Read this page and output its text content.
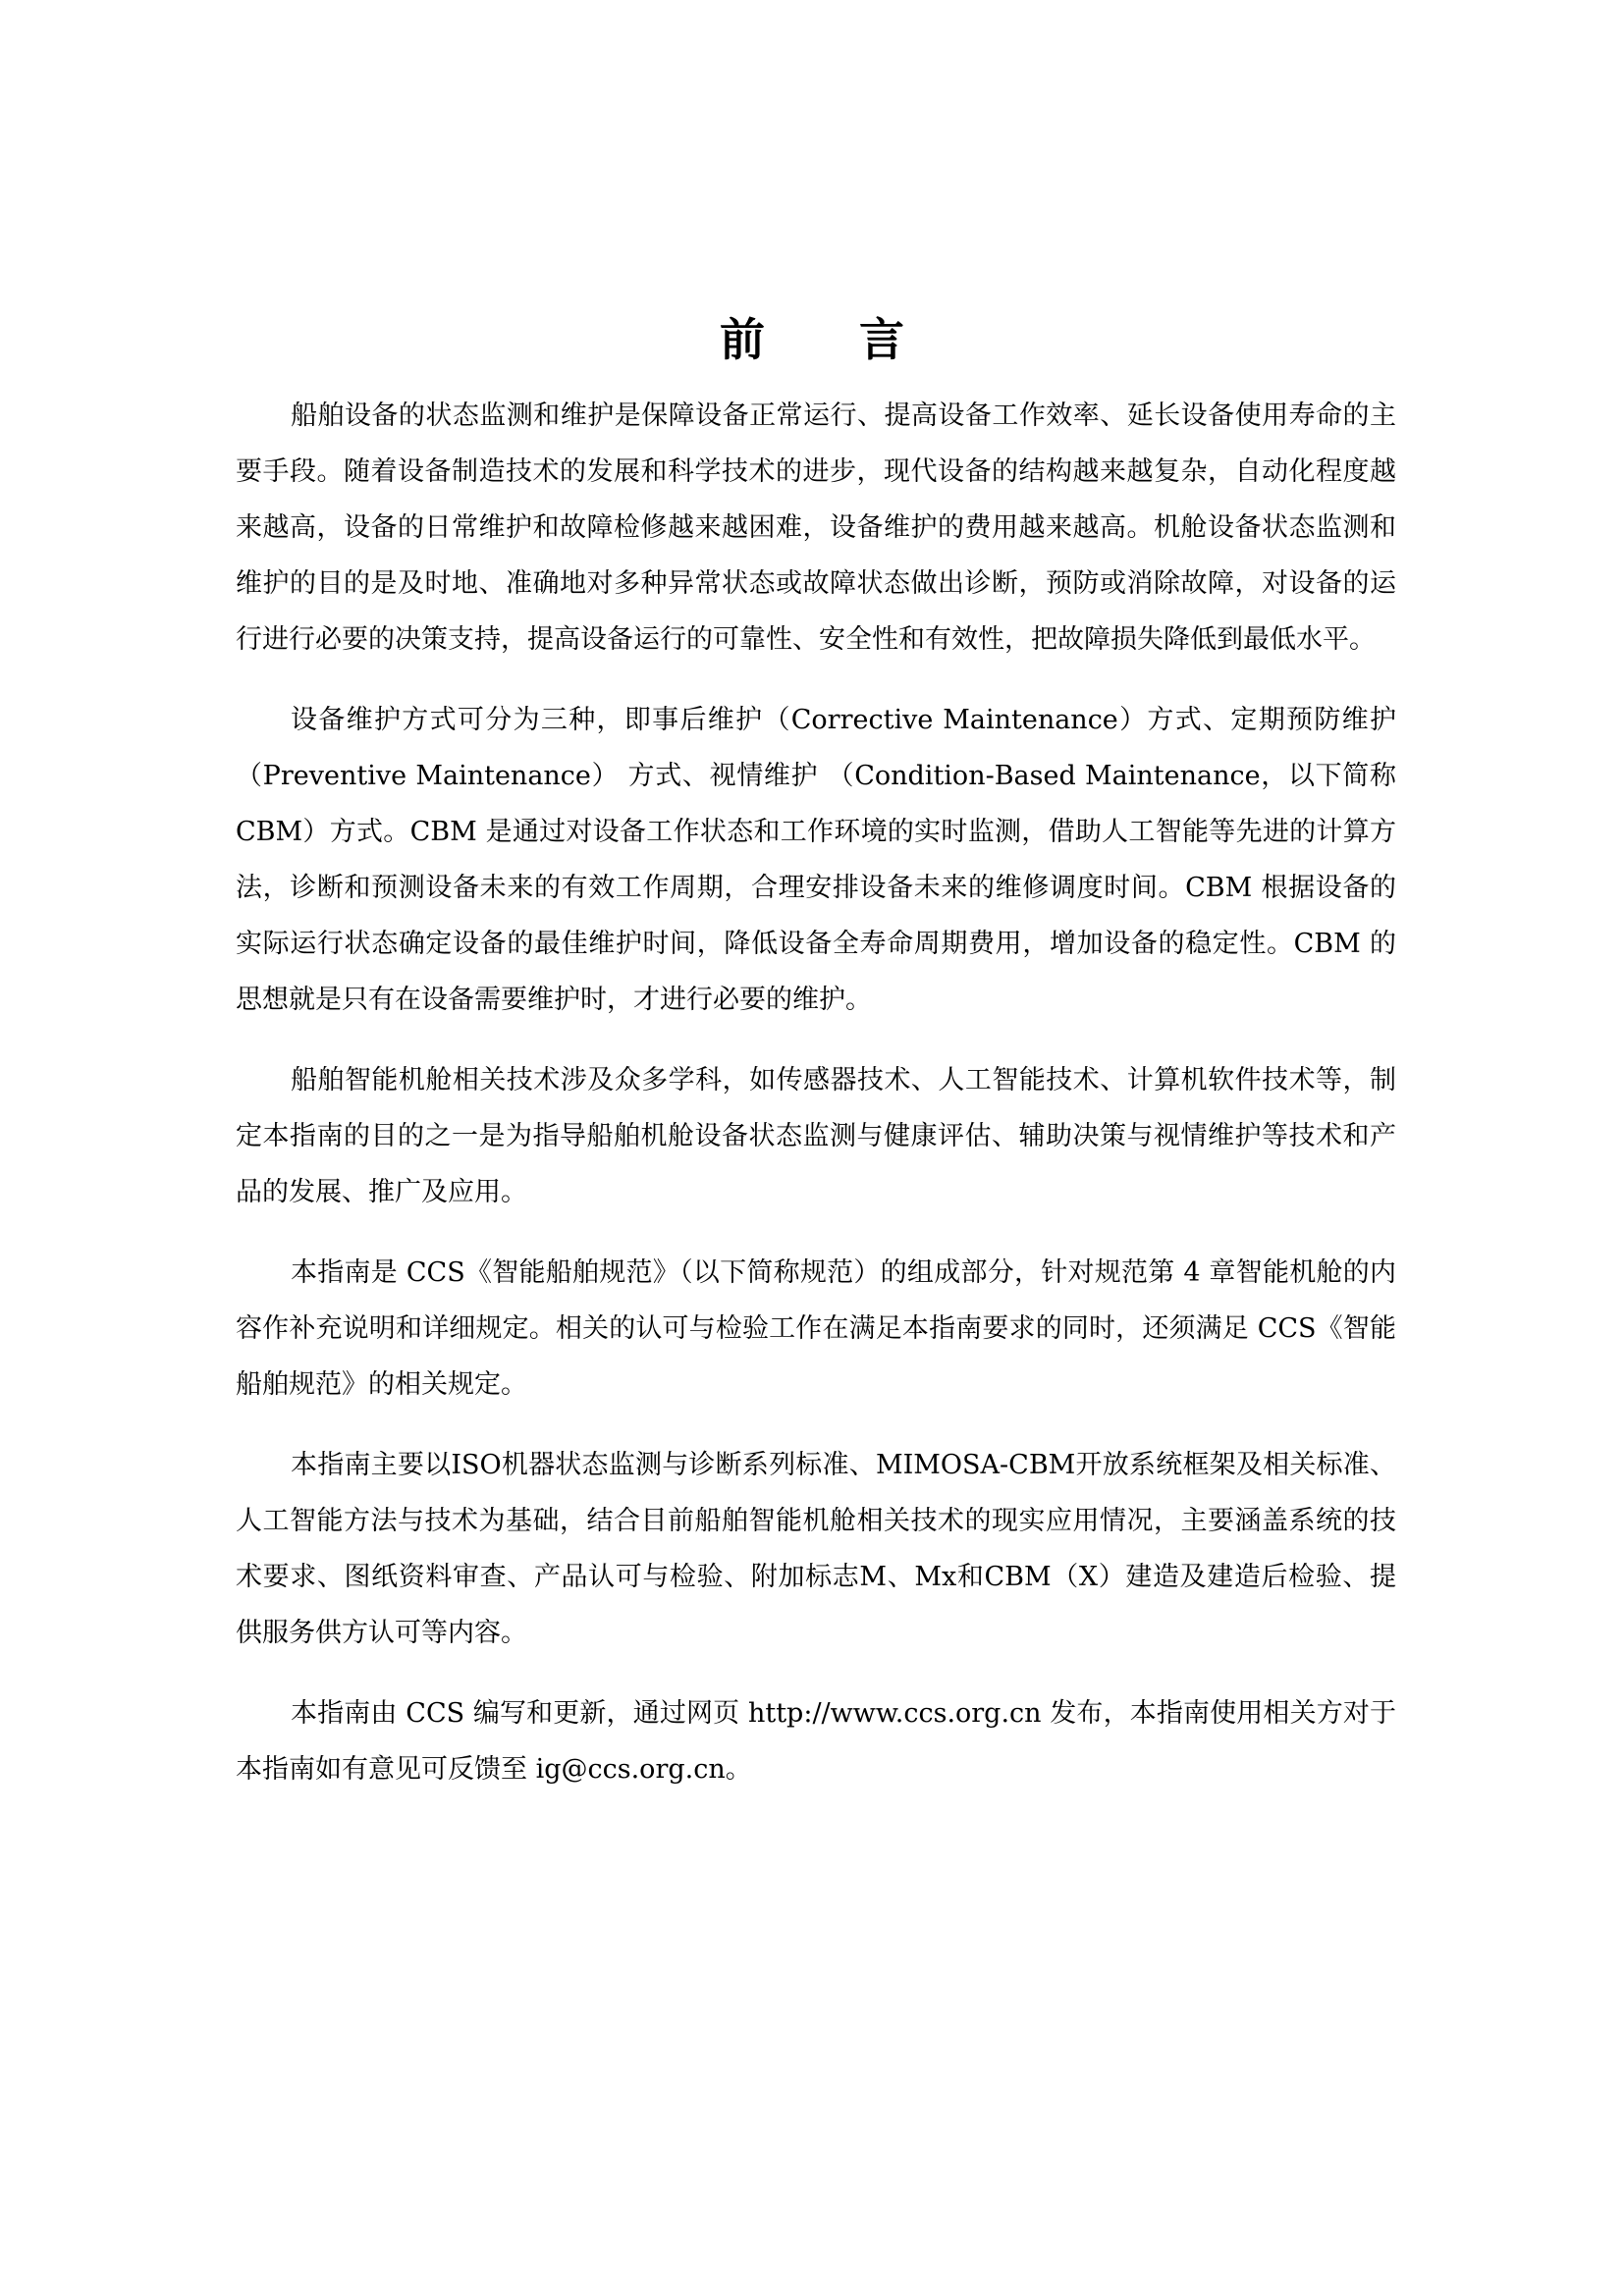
前 言

船舶设备的状态监测和维护是保障设备正常运行、提高设备工作效率、延长设备使用寿命的主要手段。随着设备制造技术的发展和科学技术的进步，现代设备的结构越来越复杂，自动化程度越来越高，设备的日常维护和故障检修越来越困难，设备维护的费用越来越高。机舱设备状态监测和维护的目的是及时地、准确地对多种异常状态或故障状态做出诊断，预防或消除故障，对设备的运行进行必要的决策支持，提高设备运行的可靠性、安全性和有效性，把故障损失降低到最低水平。

设备维护方式可分为三种，即事后维护（Corrective Maintenance）方式、定期预防维护（Preventive Maintenance） 方式、视情维护 （Condition-Based Maintenance，以下简称 CBM）方式。CBM 是通过对设备工作状态和工作环境的实时监测，借助人工智能等先进的计算方法，诊断和预测设备未来的有效工作周期，合理安排设备未来的维修调度时间。CBM 根据设备的实际运行状态确定设备的最佳维护时间，降低设备全寿命周期费用，增加设备的稳定性。CBM 的思想就是只有在设备需要维护时，才进行必要的维护。

船舶智能机舱相关技术涉及众多学科，如传感器技术、人工智能技术、计算机软件技术等，制定本指南的目的之一是为指导船舶机舱设备状态监测与健康评估、辅助决策与视情维护等技术和产品的发展、推广及应用。

本指南是 CCS《智能船舶规范》（以下简称规范）的组成部分，针对规范第 4 章智能机舱的内容作补充说明和详细规定。相关的认可与检验工作在满足本指南要求的同时，还须满足 CCS《智能船舶规范》的相关规定。

本指南主要以ISO机器状态监测与诊断系列标准、MIMOSA-CBM开放系统框架及相关标准、人工智能方法与技术为基础，结合目前船舶智能机舱相关技术的现实应用情况，主要涵盖系统的技术要求、图纸资料审查、产品认可与检验、附加标志M、Mx和CBM（X）建造及建造后检验、提供服务供方认可等内容。

本指南由 CCS 编写和更新，通过网页 http://www.ccs.org.cn 发布，本指南使用相关方对于本指南如有意见可反馈至 ig@ccs.org.cn。
